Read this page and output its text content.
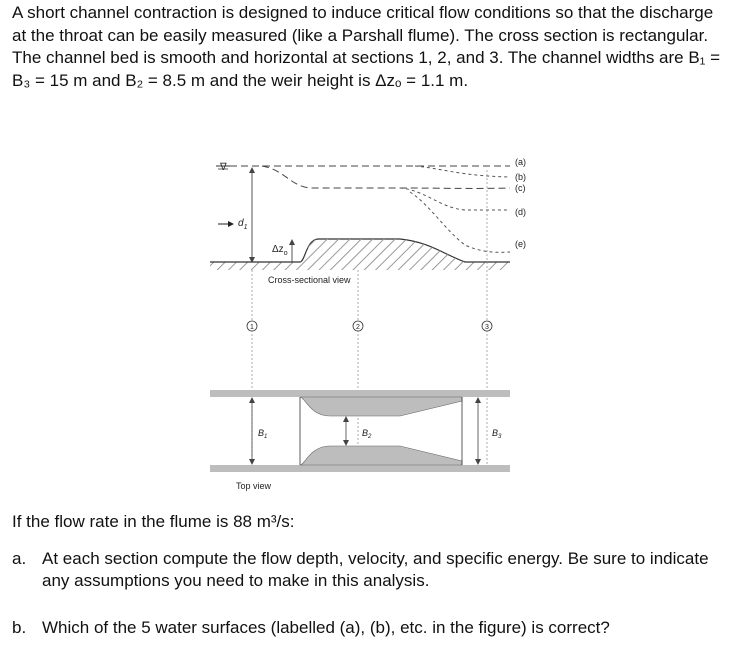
A short channel contraction is designed to induce critical flow conditions so that the discharge at the throat can be easily measured (like a Parshall flume). The cross section is rectangular. The channel bed is smooth and horizontal at sections 1, 2, and 3. The channel widths are B₁ = B₃ = 15 m and B₂ = 8.5 m and the weir height is Δzₒ = 1.1 m.
∇	(a)
(b)
(c)
(d)
(e)
$d_1$
$\Delta z_o$
Cross-sectional view
1	2	3
$B_1$	$B_2$	$B_3$
Top view
If the flow rate in the flume is 88 m³/s:
a. At each section compute the flow depth, velocity, and specific energy. Be sure to indicate any assumptions you need to make in this analysis.
b. Which of the 5 water surfaces (labelled (a), (b), etc. in the figure) is correct?
